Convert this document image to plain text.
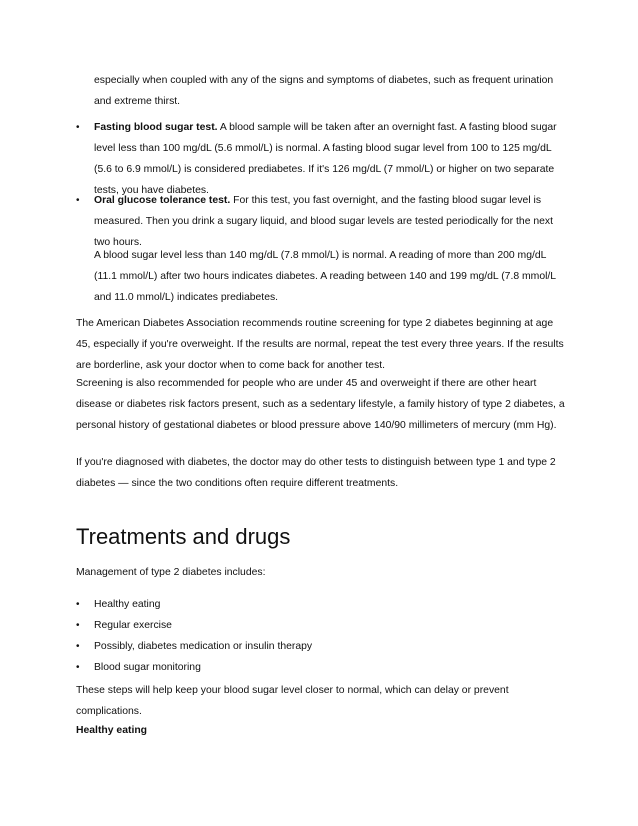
especially when coupled with any of the signs and symptoms of diabetes, such as frequent urination and extreme thirst.

• Fasting blood sugar test. A blood sample will be taken after an overnight fast. A fasting blood sugar level less than 100 mg/dL (5.6 mmol/L) is normal. A fasting blood sugar level from 100 to 125 mg/dL (5.6 to 6.9 mmol/L) is considered prediabetes. If it's 126 mg/dL (7 mmol/L) or higher on two separate tests, you have diabetes.

• Oral glucose tolerance test. For this test, you fast overnight, and the fasting blood sugar level is measured. Then you drink a sugary liquid, and blood sugar levels are tested periodically for the next two hours.

A blood sugar level less than 140 mg/dL (7.8 mmol/L) is normal. A reading of more than 200 mg/dL (11.1 mmol/L) after two hours indicates diabetes. A reading between 140 and 199 mg/dL (7.8 mmol/L and 11.0 mmol/L) indicates prediabetes.

The American Diabetes Association recommends routine screening for type 2 diabetes beginning at age 45, especially if you're overweight. If the results are normal, repeat the test every three years. If the results are borderline, ask your doctor when to come back for another test.

Screening is also recommended for people who are under 45 and overweight if there are other heart disease or diabetes risk factors present, such as a sedentary lifestyle, a family history of type 2 diabetes, a personal history of gestational diabetes or blood pressure above 140/90 millimeters of mercury (mm Hg).

If you're diagnosed with diabetes, the doctor may do other tests to distinguish between type 1 and type 2 diabetes — since the two conditions often require different treatments.

Treatments and drugs

Management of type 2 diabetes includes:

• Healthy eating

• Regular exercise

• Possibly, diabetes medication or insulin therapy

• Blood sugar monitoring

These steps will help keep your blood sugar level closer to normal, which can delay or prevent complications.

Healthy eating
